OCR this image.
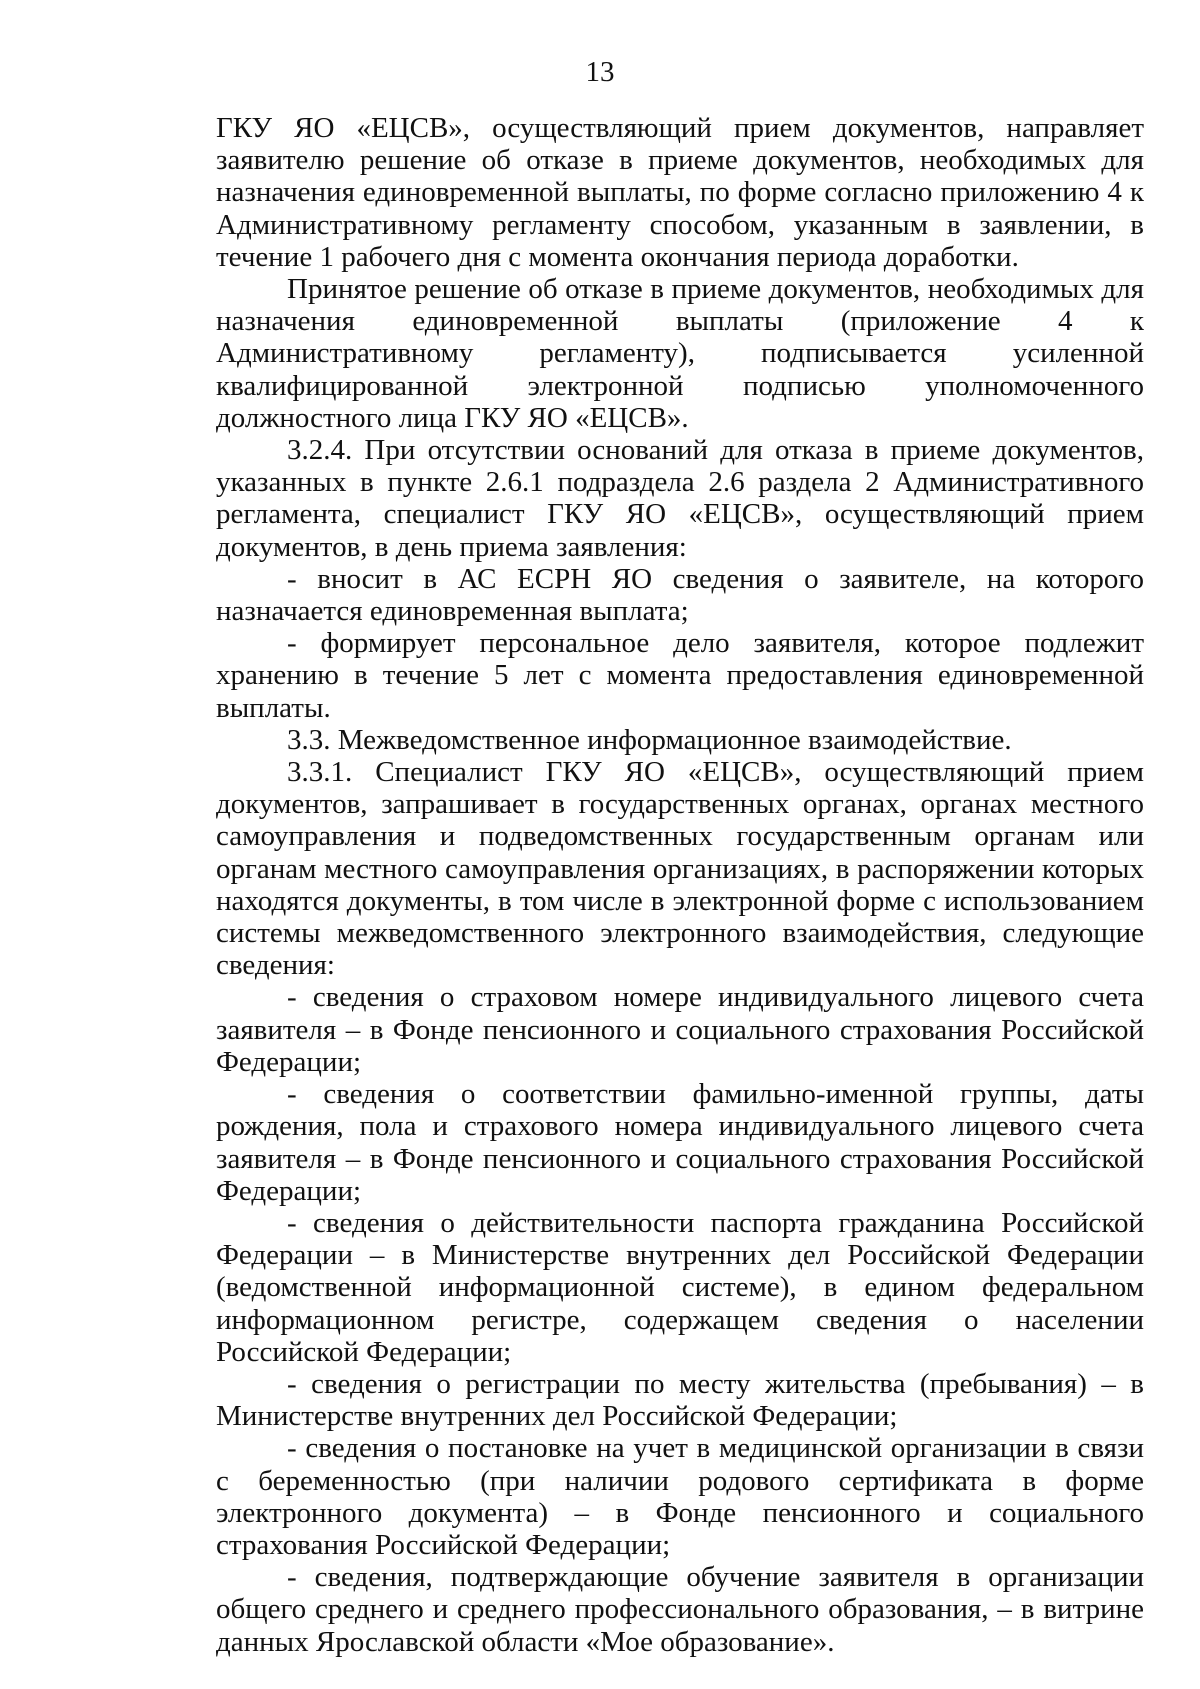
13

ГКУ ЯО «ЕЦСВ», осуществляющий прием документов, направляет заявителю решение об отказе в приеме документов, необходимых для назначения единовременной выплаты, по форме согласно приложению 4 к Административному регламенту способом, указанным в заявлении, в течение 1 рабочего дня с момента окончания периода доработки.

Принятое решение об отказе в приеме документов, необходимых для назначения единовременной выплаты (приложение 4 к Административному регламенту), подписывается усиленной квалифицированной электронной подписью уполномоченного должностного лица ГКУ ЯО «ЕЦСВ».

3.2.4. При отсутствии оснований для отказа в приеме документов, указанных в пункте 2.6.1 подраздела 2.6 раздела 2 Административного регламента, специалист ГКУ ЯО «ЕЦСВ», осуществляющий прием документов, в день приема заявления:

- вносит в АС ЕСРН ЯО сведения о заявителе, на которого назначается единовременная выплата;

- формирует персональное дело заявителя, которое подлежит хранению в течение 5 лет с момента предоставления единовременной выплаты.

3.3. Межведомственное информационное взаимодействие.

3.3.1. Специалист ГКУ ЯО «ЕЦСВ», осуществляющий прием документов, запрашивает в государственных органах, органах местного самоуправления и подведомственных государственным органам или органам местного самоуправления организациях, в распоряжении которых находятся документы, в том числе в электронной форме с использованием системы межведомственного электронного взаимодействия, следующие сведения:

- сведения о страховом номере индивидуального лицевого счета заявителя – в Фонде пенсионного и социального страхования Российской Федерации;

- сведения о соответствии фамильно-именной группы, даты рождения, пола и страхового номера индивидуального лицевого счета заявителя – в Фонде пенсионного и социального страхования Российской Федерации;

- сведения о действительности паспорта гражданина Российской Федерации – в Министерстве внутренних дел Российской Федерации (ведомственной информационной системе), в едином федеральном информационном регистре, содержащем сведения о населении Российской Федерации;

- сведения о регистрации по месту жительства (пребывания) – в Министерстве внутренних дел Российской Федерации;

- сведения о постановке на учет в медицинской организации в связи с беременностью (при наличии родового сертификата в форме электронного документа) – в Фонде пенсионного и социального страхования Российской Федерации;

- сведения, подтверждающие обучение заявителя в организации общего среднего и среднего профессионального образования, – в витрине данных Ярославской области «Мое образование».
